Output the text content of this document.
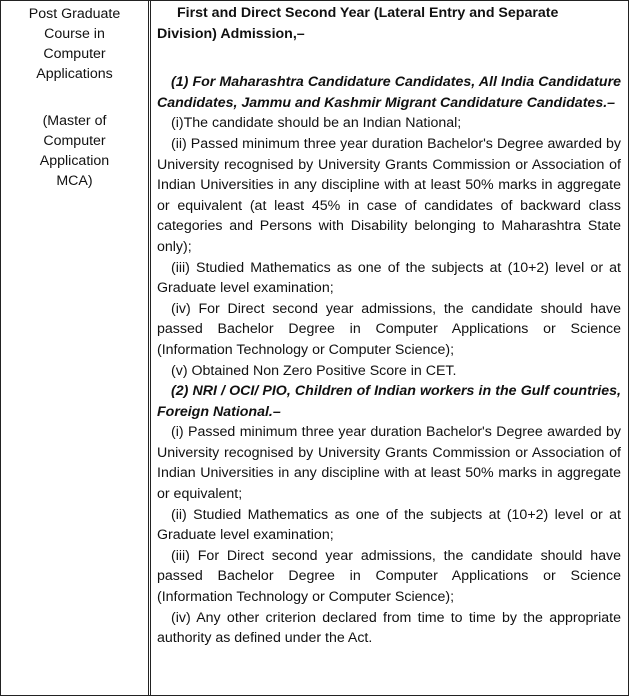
Post Graduate

Course in

Computer

Applications

(Master of

Computer

Application

MCA)

First and Direct Second Year (Lateral Entry and Separate

Division) Admission,–

(1) For Maharashtra Candidature Candidates, All India Candidature Candidates, Jammu and Kashmir Migrant Candidature Candidates.–

(i)The candidate should be an Indian National;

(ii) Passed minimum three year duration Bachelor's Degree awarded by University recognised by University Grants Commission or Association of Indian Universities in any discipline with at least 50% marks in aggregate or equivalent (at least 45% in case of candidates of backward class categories and Persons with Disability belonging to Maharashtra State only);

(iii) Studied Mathematics as one of the subjects at (10+2) level or at Graduate level examination;

(iv) For Direct second year admissions, the candidate should have passed Bachelor Degree in Computer Applications or Science (Information Technology or Computer Science);

(v) Obtained Non Zero Positive Score in CET.

(2) NRI / OCI/ PIO, Children of Indian workers in the Gulf countries, Foreign National.–

(i) Passed minimum three year duration Bachelor's Degree awarded by University recognised by University Grants Commission or Association of Indian Universities in any discipline with at least 50% marks in aggregate or equivalent;

(ii) Studied Mathematics as one of the subjects at (10+2) level or at Graduate level examination;

(iii) For Direct second year admissions, the candidate should have passed Bachelor Degree in Computer Applications or Science (Information Technology or Computer Science);

(iv) Any other criterion declared from time to time by the appropriate authority as defined under the Act.
